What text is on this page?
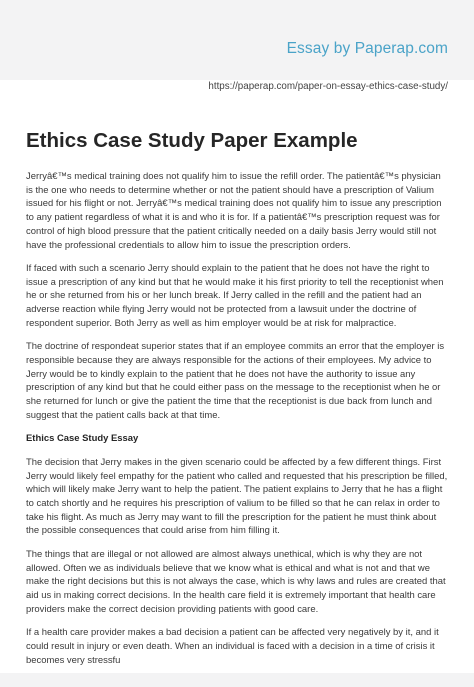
Essay by Paperap.com
https://paperap.com/paper-on-essay-ethics-case-study/
Ethics Case Study Paper Example

Jerryâ€™s medical training does not qualify him to issue the refill order. The patientâ€™s physician is the one who needs to determine whether or not the patient should have a prescription of Valium issued for his flight or not. Jerryâ€™s medical training does not qualify him to issue any prescription to any patient regardless of what it is and who it is for. If a patientâ€™s prescription request was for control of high blood pressure that the patient critically needed on a daily basis Jerry would still not have the professional credentials to allow him to issue the prescription orders.

If faced with such a scenario Jerry should explain to the patient that he does not have the right to issue a prescription of any kind but that he would make it his first priority to tell the receptionist when he or she returned from his or her lunch break. If Jerry called in the refill and the patient had an adverse reaction while flying Jerry would not be protected from a lawsuit under the doctrine of respondent superior. Both Jerry as well as him employer would be at risk for malpractice.

The doctrine of respondeat superior states that if an employee commits an error that the employer is responsible because they are always responsible for the actions of their employees. My advice to Jerry would be to kindly explain to the patient that he does not have the authority to issue any prescription of any kind but that he could either pass on the message to the receptionist when he or she returned for lunch or give the patient the time that the receptionist is due back from lunch and suggest that the patient calls back at that time.

Ethics Case Study Essay

The decision that Jerry makes in the given scenario could be affected by a few different things. First Jerry would likely feel empathy for the patient who called and requested that his prescription be filled, which will likely make Jerry want to help the patient. The patient explains to Jerry that he has a flight to catch shortly and he requires his prescription of valium to be filled so that he can relax in order to take his flight. As much as Jerry may want to fill the prescription for the patient he must think about the possible consequences that could arise from him filling it.

The things that are illegal or not allowed are almost always unethical, which is why they are not allowed. Often we as individuals believe that we know what is ethical and what is not and that we make the right decisions but this is not always the case, which is why laws and rules are created that aid us in making correct decisions. In the health care field it is extremely important that health care providers make the correct decision providing patients with good care.

If a health care provider makes a bad decision a patient can be affected very negatively by it, and it could result in injury or even death. When an individual is faced with a decision in a time of crisis it becomes very stressfu
